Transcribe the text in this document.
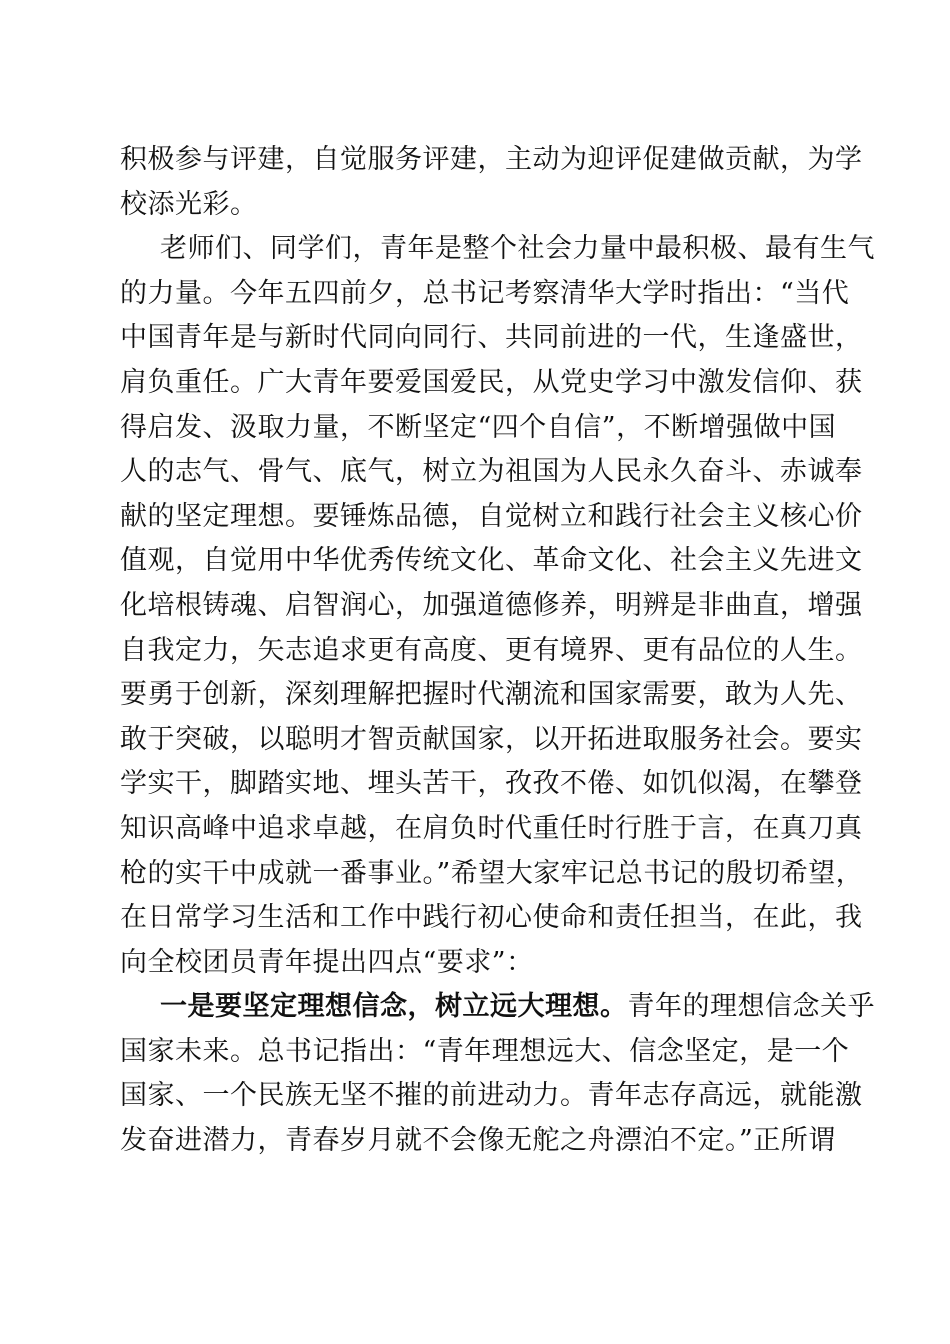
积极参与评建，自觉服务评建，主动为迎评促建做贡献，为学
校添光彩。
老师们、同学们，青年是整个社会力量中最积极、最有生气
的力量。今年五四前夕，总书记考察清华大学时指出：“当代
中国青年是与新时代同向同行、共同前进的一代，生逢盛世，
肩负重任。广大青年要爱国爱民，从党史学习中激发信仰、获
得启发、汲取力量，不断坚定“四个自信”，不断增强做中国
人的志气、骨气、底气，树立为祖国为人民永久奋斗、赤诚奉
献的坚定理想。要锤炼品德，自觉树立和践行社会主义核心价
值观，自觉用中华优秀传统文化、革命文化、社会主义先进文
化培根铸魂、启智润心，加强道德修养，明辨是非曲直，增强
自我定力，矢志追求更有高度、更有境界、更有品位的人生。
要勇于创新，深刻理解把握时代潮流和国家需要，敢为人先、
敢于突破，以聪明才智贡献国家，以开拓进取服务社会。要实
学实干，脚踏实地、埋头苦干，孜孜不倦、如饥似渴，在攀登
知识高峰中追求卓越，在肩负时代重任时行胜于言，在真刀真
枪的实干中成就一番事业。”希望大家牢记总书记的殷切希望，
在日常学习生活和工作中践行初心使命和责任担当，在此，我
向全校团员青年提出四点“要求”：
一是要坚定理想信念，树立远大理想。青年的理想信念关乎
国家未来。总书记指出：“青年理想远大、信念坚定，是一个
国家、一个民族无坚不摧的前进动力。青年志存高远，就能激
发奋进潜力，青春岁月就不会像无舵之舟漂泊不定。”正所谓
